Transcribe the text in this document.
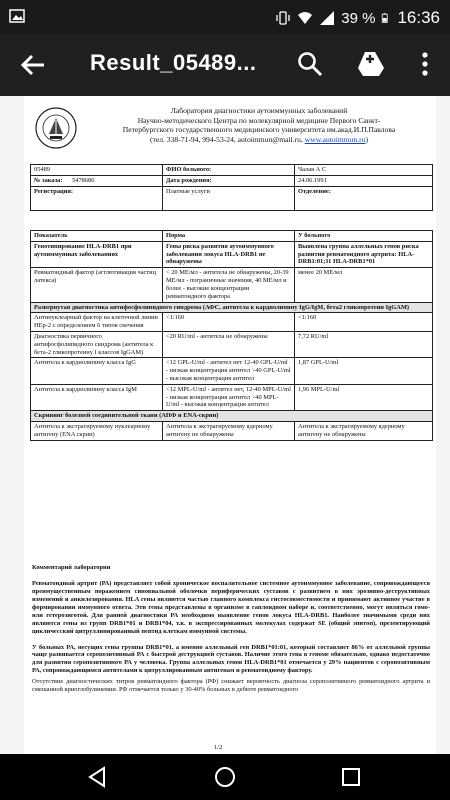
39 % 16:36
Result_05489...
Лаборатория диагностики аутоиммунных заболеваний
Научно-методического Центра по молекулярной медицине Первого Санкт-
Петербургского государственного медицинского университета им.акад.И.П.Павлова
(тел. 338-71-94, 994-53-24, autoimmun@mail.ru, www.autoimmun.ru)
05489	ФИО больного:	Чалая А С
№ заказа: 5478686	Дата рождения:	24.06.1991
Регистрация:	Платные услуги	Отделение:
Показатель	Норма	У больного
Генотипирование HLA-DRB1 при аутоиммунных заболеваниях	Гены риска развития аутоиммунного заболевания локуса HLA-DRB1 не обнаружены	Выявлена группа аллельных генов риска развития ревматоидного артрита: HLA-DRB1:01;11 HLA-DRB1*01
Ревматоидный фактор (агглютинация частиц латекса)	< 20 МЕ/мл - антитела не обнаружены, 20-39 МЕ/мл - пограничные значения, 40 МЕ/мл и более - высокие концентрации ревматоидного фактора	менее 20 МЕ/мл
Развернутая диагностика антифосфолипидного синдрома (АФС, антитела к кардиолипину IgG/IgM, бета2 гликопротеин IgGAM)		
Антинуклеарный фактор на клеточной линии HEp-2 с определением 6 типов свечения	<1:160	<1:160
Диагностика первичного антифосфолипидного синдрома (антитела к бета-2 гликопротеину I классов IgGAM)	<20 RU/ml - антитела не обнаружены	7,72 RU/ml
Антитела к кардиолипину класса IgG	<12 GPL-U/ml - антител нет 12-40 GPL-U/ml - низкая концентрация антител >40 GPL-U/ml - высокая концентрация антител	1,87 GPL-U/ml
Антитела к кардиолипину класса IgM	<12 MPL-U/ml - антител нет, 12-40 MPL-U/ml - низкая концентрация антител >40 MPL-U/ml - высокая концентрация антител	1,96 MPL-U/ml
Скрининг болезней соединительной ткани (АНФ и ENA-скрин)		
Антитела к экстрагируемому нуклеарному антигену (ENA скрин)	Антитела к экстрагируемому ядерному антигену не обнаружены	Антитела к экстрагируемому ядерному антигену не обнаружены
Комментарий лаборатории

Ревматоидный артрит (РА) представляет собой хроническое воспалительное системное аутоиммунное заболевание, сопровождающееся преимущественным поражением синовиальной оболочки периферических суставов с развитием в них эрозивно-деструктивных изменений и анкилозирования. HLA гены являются частью главного комплекса гистосовместимости и принимают активное участие в формировании иммунного ответа. Эти гены представлены в организме в гаплоидном наборе и, соответственно, могут являться гомо- или гетерозиготой. Для ранней диагностики РА необходимо выявление генов локуса HLA-DRB1. Наиболее значимыми среди них являются гены из групп DRB1*01 и DRB1*04, т.к. в экспрессированных молекулах содержат SE (общий эпитоп), презентирующий цикличесский цитруллинированный пептид клеткам иммунной системы.

У больных РА, несущих гены группы DRB1*01, а именно аллельный ген DRB1*01:01, который составляет 86% от аллельной группы чаще развивается серопозитивный РА с быстрой деструкцией суставов. Наличие этого гена в геноме обязательно, однако недостаточно для развития серопозитивного РА у человека. Группа аллельных генов HLA-DRB1*01 отмечается у 29% пациентов с серопозитивным РА, сопровождающимся антителами к цитруллированным антигенам и ревматоидному фактору.

Отсутствие диагностических титров ревматоидного фактора (РФ) снижает вероятность диагноза серопозитивного ревматоидного артрита и смешанной криоглобулинемии. РФ отмечается только у 30-40% больных в дебюте ревматоидного

1/2
